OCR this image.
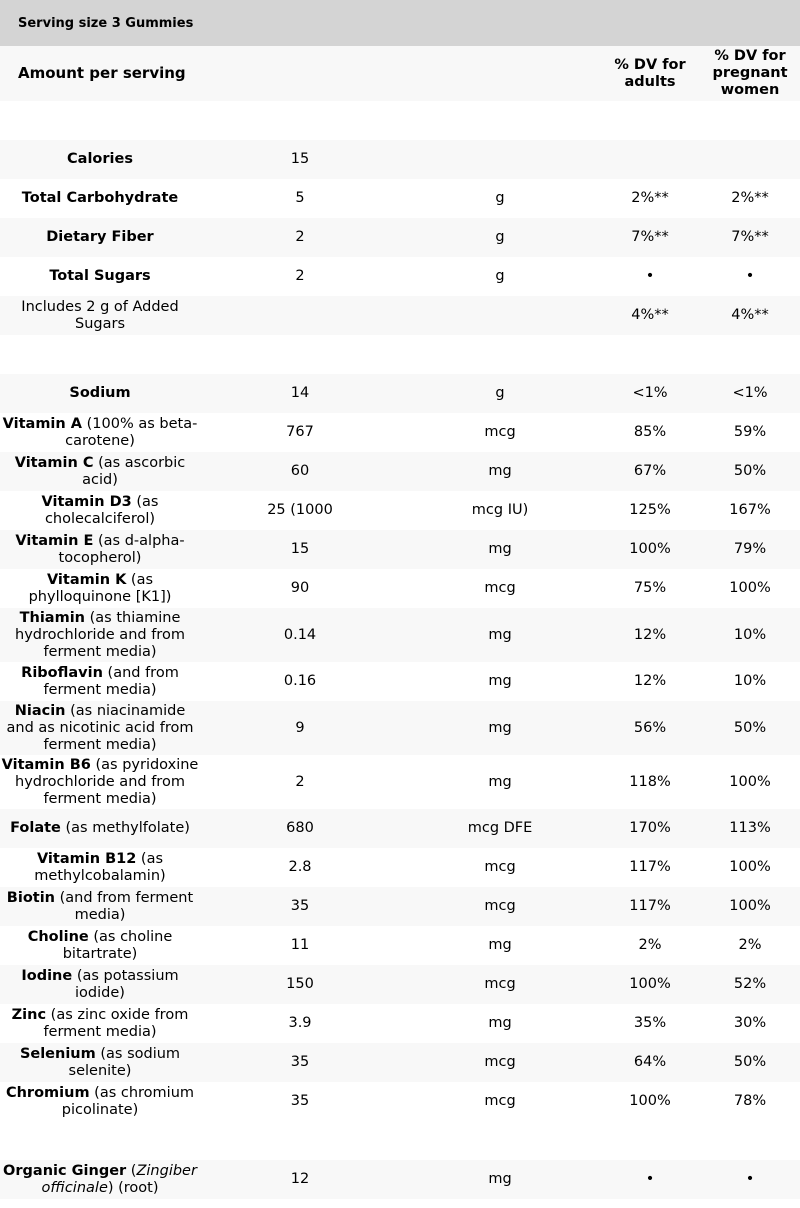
Serving size 3 Gummies
Amount per serving			% DV for adults	% DV for pregnant women

Calories	15			
Total Carbohydrate	5	g	2%**	2%**
Dietary Fiber	2	g	7%**	7%**
Total Sugars	2	g	•	•
Includes 2 g of Added Sugars			4%**	4%**

Sodium	14	g	<1%	<1%
Vitamin A (100% as beta-carotene)	767	mcg	85%	59%
Vitamin C (as ascorbic acid)	60	mg	67%	50%
Vitamin D3 (as cholecalciferol)	25 (1000	mcg IU)	125%	167%
Vitamin E (as d-alpha-tocopherol)	15	mg	100%	79%
Vitamin K (as phylloquinone [K1])	90	mcg	75%	100%
Thiamin (as thiamine hydrochloride and from ferment media)	0.14	mg	12%	10%
Riboflavin (and from ferment media)	0.16	mg	12%	10%
Niacin (as niacinamide and as nicotinic acid from ferment media)	9	mg	56%	50%
Vitamin B6 (as pyridoxine hydrochloride and from ferment media)	2	mg	118%	100%
Folate (as methylfolate)	680	mcg DFE	170%	113%
Vitamin B12 (as methylcobalamin)	2.8	mcg	117%	100%
Biotin (and from ferment media)	35	mcg	117%	100%
Choline (as choline bitartrate)	11	mg	2%	2%
Iodine (as potassium iodide)	150	mcg	100%	52%
Zinc (as zinc oxide from ferment media)	3.9	mg	35%	30%
Selenium (as sodium selenite)	35	mcg	64%	50%
Chromium (as chromium picolinate)	35	mcg	100%	78%

Organic Ginger (Zingiber officinale) (root)	12	mg	•	•
